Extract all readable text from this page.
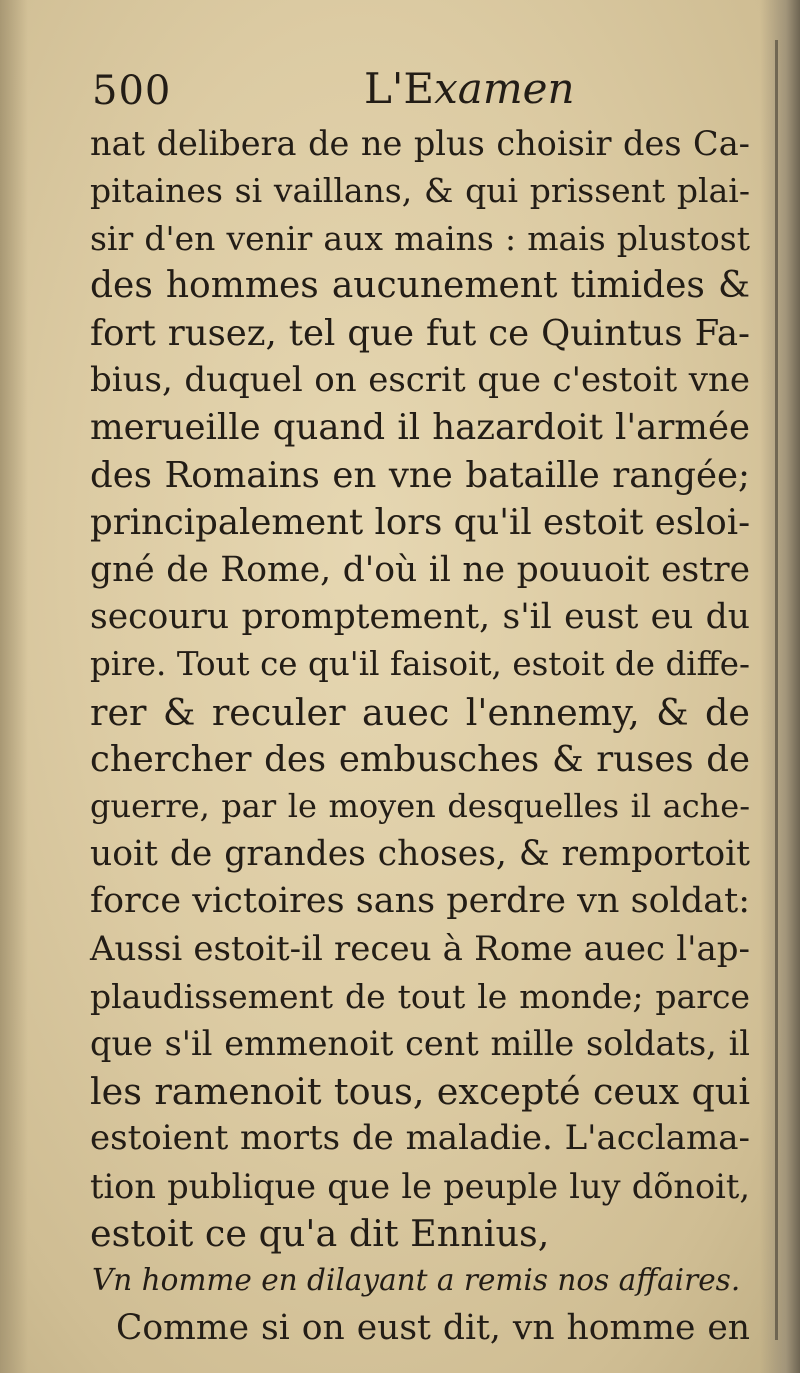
500	L'Examen
nat delibera de ne plus choisir des Ca-
pitaines si vaillans, & qui prissent plai-
sir d'en venir aux mains : mais plustost
des hommes aucunement timides &
fort rusez, tel que fut ce Quintus Fa-
bius, duquel on escrit que c'estoit vne
merueille quand il hazardoit l'armée
des Romains en vne bataille rangée;
principalement lors qu'il estoit esloi-
gné de Rome, d'où il ne pouuoit estre
secouru promptement, s'il eust eu du
pire. Tout ce qu'il faisoit, estoit de diffe-
rer & reculer auec l'ennemy, & de
chercher des embusches & ruses de
guerre, par le moyen desquelles il ache-
uoit de grandes choses, & remportoit
force victoires sans perdre vn soldat:
Aussi estoit-il receu à Rome auec l'ap-
plaudissement de tout le monde; parce
que s'il emmenoit cent mille soldats, il
les ramenoit tous, excepté ceux qui
estoient morts de maladie. L'acclama-
tion publique que le peuple luy dõnoit,
estoit ce qu'a dit Ennius,
Vn homme en dilayant a remis nos affaires.
Comme si on eust dit, vn homme en
